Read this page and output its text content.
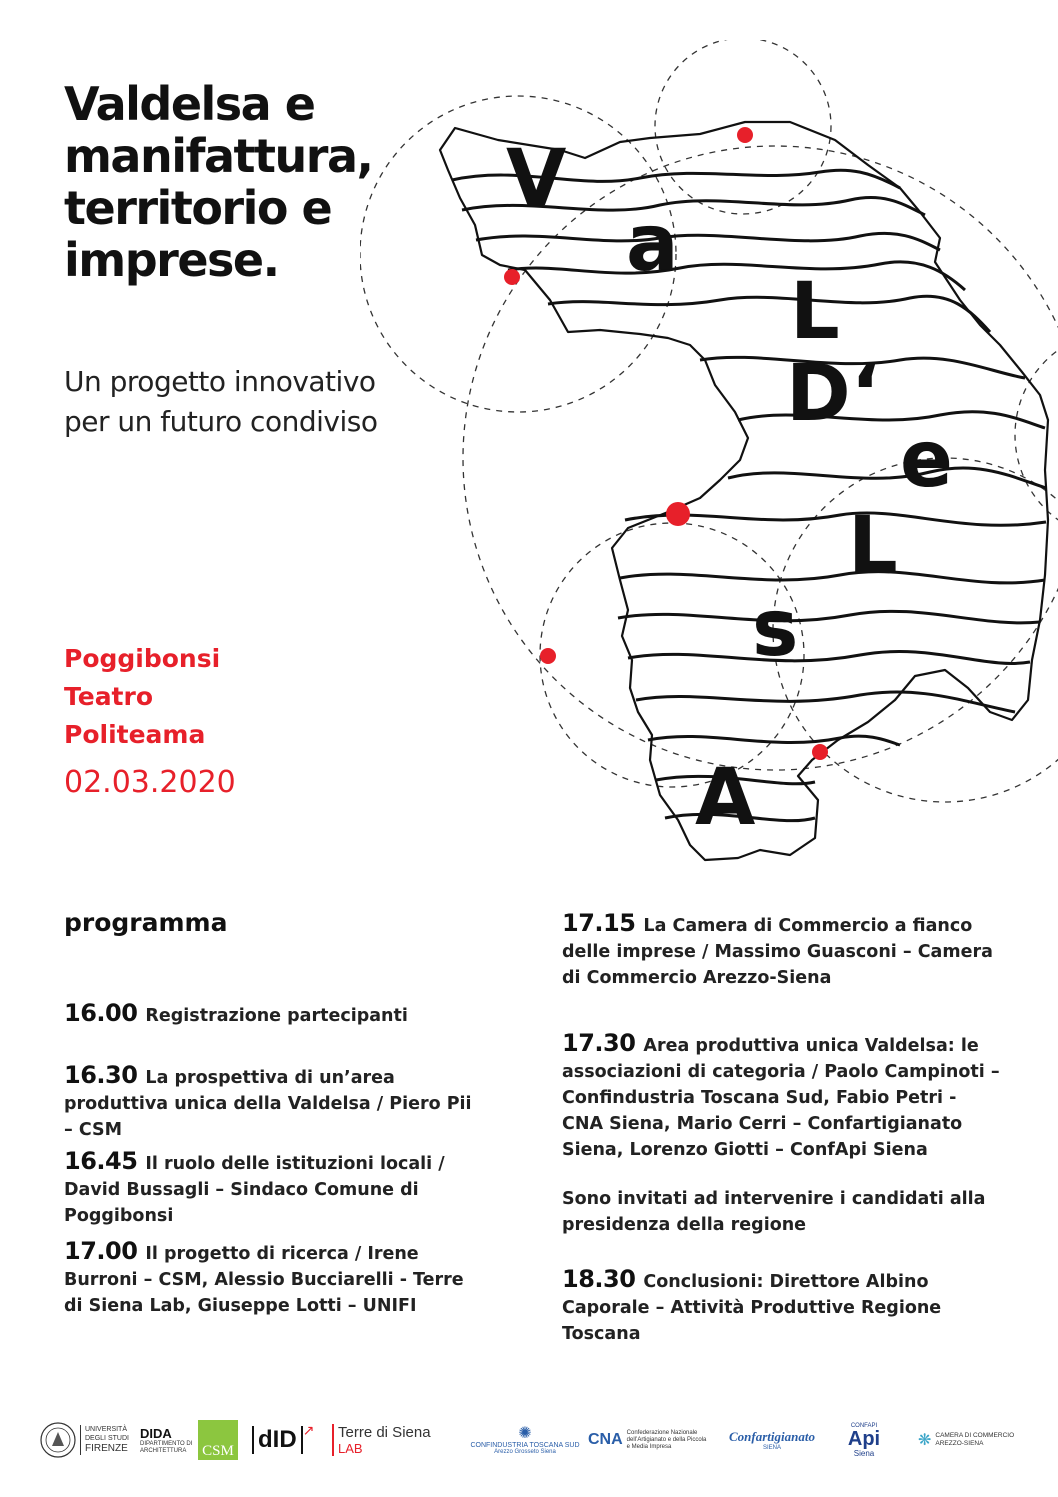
Valdelsa e
manifattura,
territorio e
imprese.

Un progetto innovativo
per un futuro condiviso

V
a
L
D‘
e
L
s
A

Poggibonsi
Teatro
Politeama

02.03.2020
programma
16.00 Registrazione partecipanti
16.30 La prospettiva di un’area produttiva unica della Valdelsa / Piero Pii – CSM
16.45 Il ruolo delle istituzioni locali / David Bussagli – Sindaco Comune di Poggibonsi
17.00 Il progetto di ricerca / Irene Burroni – CSM, Alessio Bucciarelli - Terre di Siena Lab, Giuseppe Lotti – UNIFI
17.15 La Camera di Commercio a fianco delle imprese / Massimo Guasconi – Camera di Commercio Arezzo-Siena
17.30 Area produttiva unica Valdelsa: le associazioni di categoria / Paolo Campinoti – Confindustria Toscana Sud, Fabio Petri - CNA Siena, Mario Cerri – Confartigianato Siena, Lorenzo Giotti – ConfApi Siena
Sono invitati ad intervenire i candidati alla presidenza della regione
18.30 Conclusioni: Direttore Albino Caporale – Attività Produttive Regione Toscana
UNIVERSITÀ
DEGLI STUDI
FIRENZE
DIDA
DIPARTIMENTO DI
ARCHITETTURA	CSM dID ↗ Terre di Siena
LAB
✺
CONFINDUSTRIA TOSCANA SUD
Arezzo Grosseto Siena
CNA Confederazione Nazionale
dell’Artigianato e della Piccola
e Media Impresa
Confartigianato
SIENA
CONFAPI
Api
Siena
❋ CAMERA DI COMMERCIO
AREZZO-SIENA
